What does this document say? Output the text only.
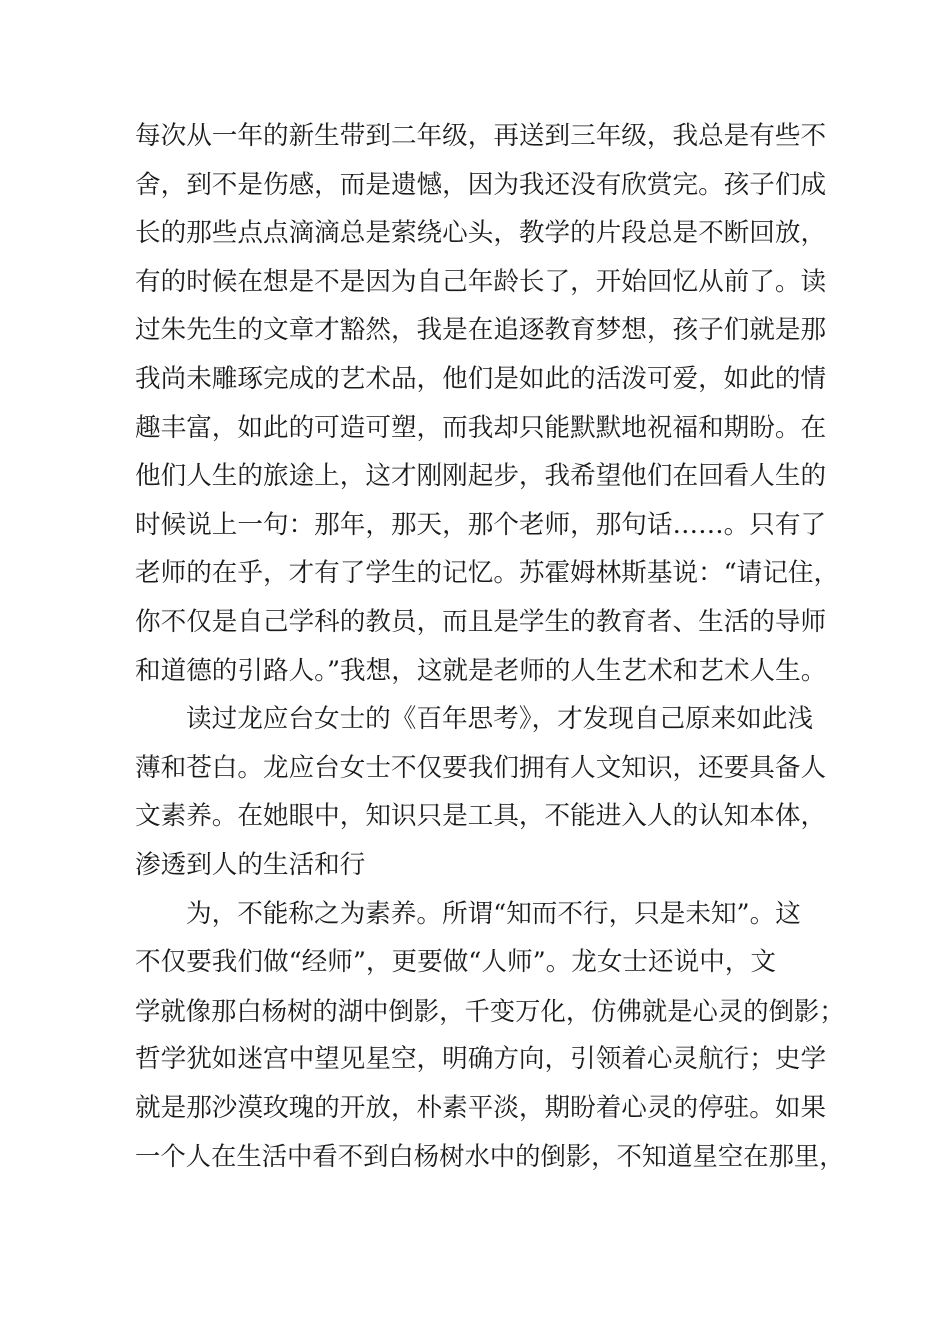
每次从一年的新生带到二年级，再送到三年级，我总是有些不
舍，到不是伤感，而是遗憾，因为我还没有欣赏完。孩子们成
长的那些点点滴滴总是萦绕心头，教学的片段总是不断回放，
有的时候在想是不是因为自己年龄长了，开始回忆从前了。读
过朱先生的文章才豁然，我是在追逐教育梦想，孩子们就是那
我尚未雕琢完成的艺术品，他们是如此的活泼可爱，如此的情
趣丰富，如此的可造可塑，而我却只能默默地祝福和期盼。在
他们人生的旅途上，这才刚刚起步，我希望他们在回看人生的
时候说上一句：那年，那天，那个老师，那句话……。只有了
老师的在乎，才有了学生的记忆。苏霍姆林斯基说：“请记住，
你不仅是自己学科的教员，而且是学生的教育者、生活的导师
和道德的引路人。”我想，这就是老师的人生艺术和艺术人生。
读过龙应台女士的《百年思考》，才发现自己原来如此浅
薄和苍白。龙应台女士不仅要我们拥有人文知识，还要具备人
文素养。在她眼中，知识只是工具，不能进入人的认知本体，
渗透到人的生活和行
为，不能称之为素养。所谓“知而不行，只是未知”。这
不仅要我们做“经师”，更要做“人师”。龙女士还说中，文
学就像那白杨树的湖中倒影，千变万化，仿佛就是心灵的倒影；
哲学犹如迷宫中望见星空，明确方向，引领着心灵航行；史学
就是那沙漠玫瑰的开放，朴素平淡，期盼着心灵的停驻。如果
一个人在生活中看不到白杨树水中的倒影，不知道星空在那里，
